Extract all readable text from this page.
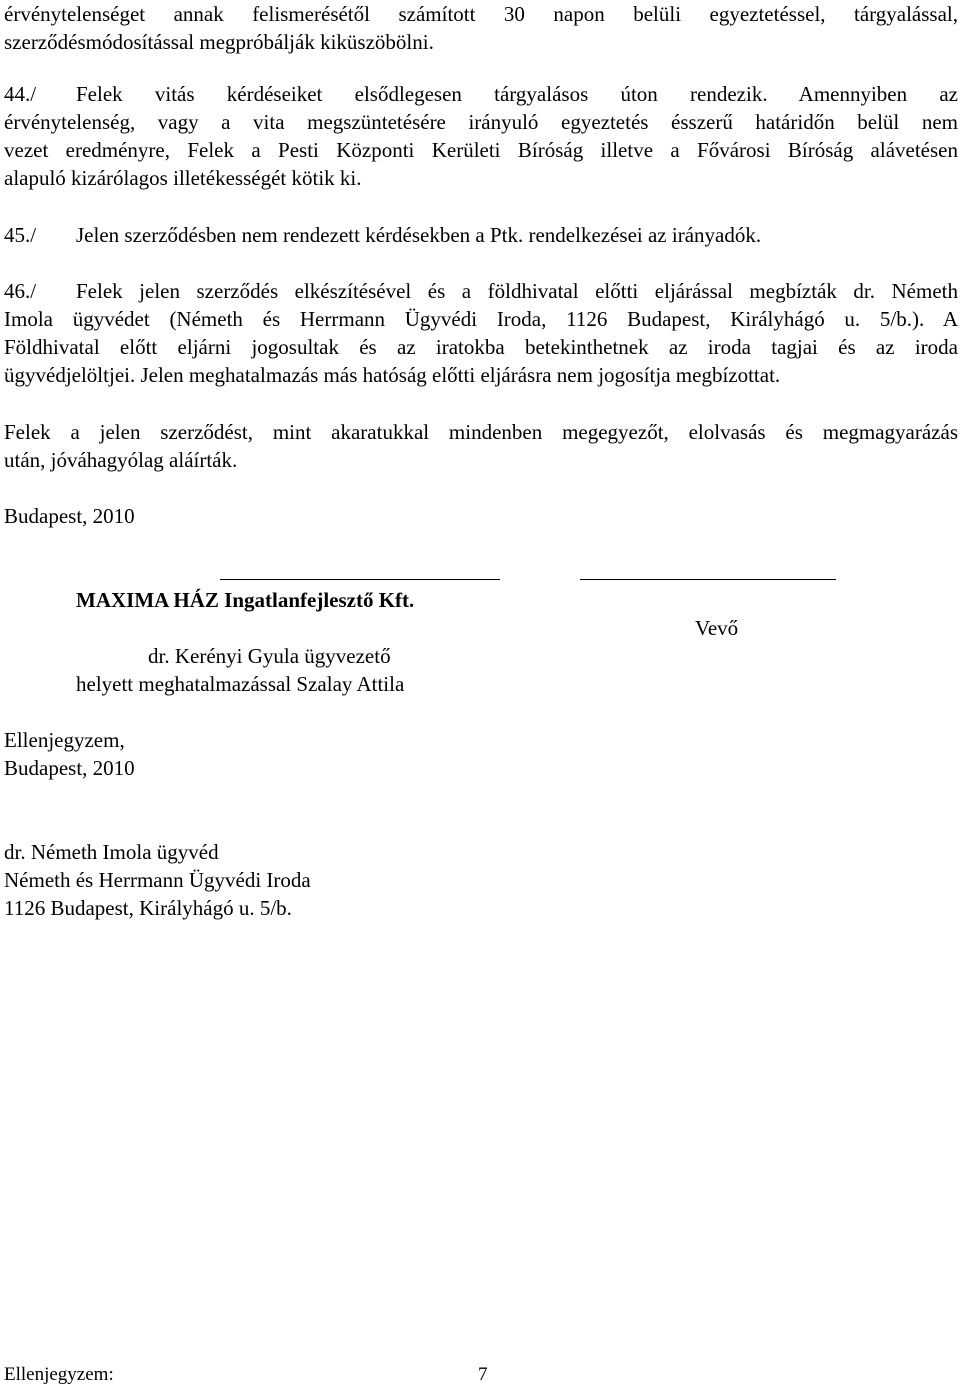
érvénytelenséget annak felismerésétől számított 30 napon belüli egyeztetéssel, tárgyalással,
szerződésmódosítással megpróbálják kiküszöbölni.
44./ Felek vitás kérdéseiket elsődlegesen tárgyalásos úton rendezik. Amennyiben az
érvénytelenség, vagy a vita megszüntetésére irányuló egyeztetés ésszerű határidőn belül nem
vezet eredményre, Felek a Pesti Központi Kerületi Bíróság illetve a Fővárosi Bíróság alávetésen
alapuló kizárólagos illetékességét kötik ki.
45./ Jelen szerződésben nem rendezett kérdésekben a Ptk. rendelkezései az irányadók.
46./ Felek jelen szerződés elkészítésével és a földhivatal előtti eljárással megbízták dr. Németh
Imola ügyvédet (Németh és Herrmann Ügyvédi Iroda, 1126 Budapest, Királyhágó u. 5/b.). A
Földhivatal előtt eljárni jogosultak és az iratokba betekinthetnek az iroda tagjai és az iroda
ügyvédjelöltjei. Jelen meghatalmazás más hatóság előtti eljárásra nem jogosítja megbízottat.
Felek a jelen szerződést, mint akaratukkal mindenben megegyezőt, elolvasás és megmagyarázás
után, jóváhagyólag aláírták.
Budapest, 2010
MAXIMA HÁZ Ingatlanfejlesztő Kft.
dr. Kerényi Gyula ügyvezető
helyett meghatalmazással Szalay Attila
Vevő
Ellenjegyzem,
Budapest, 2010
dr. Németh Imola ügyvéd
Németh és Herrmann Ügyvédi Iroda
1126 Budapest, Királyhágó u. 5/b.
Ellenjegyzem:	7
